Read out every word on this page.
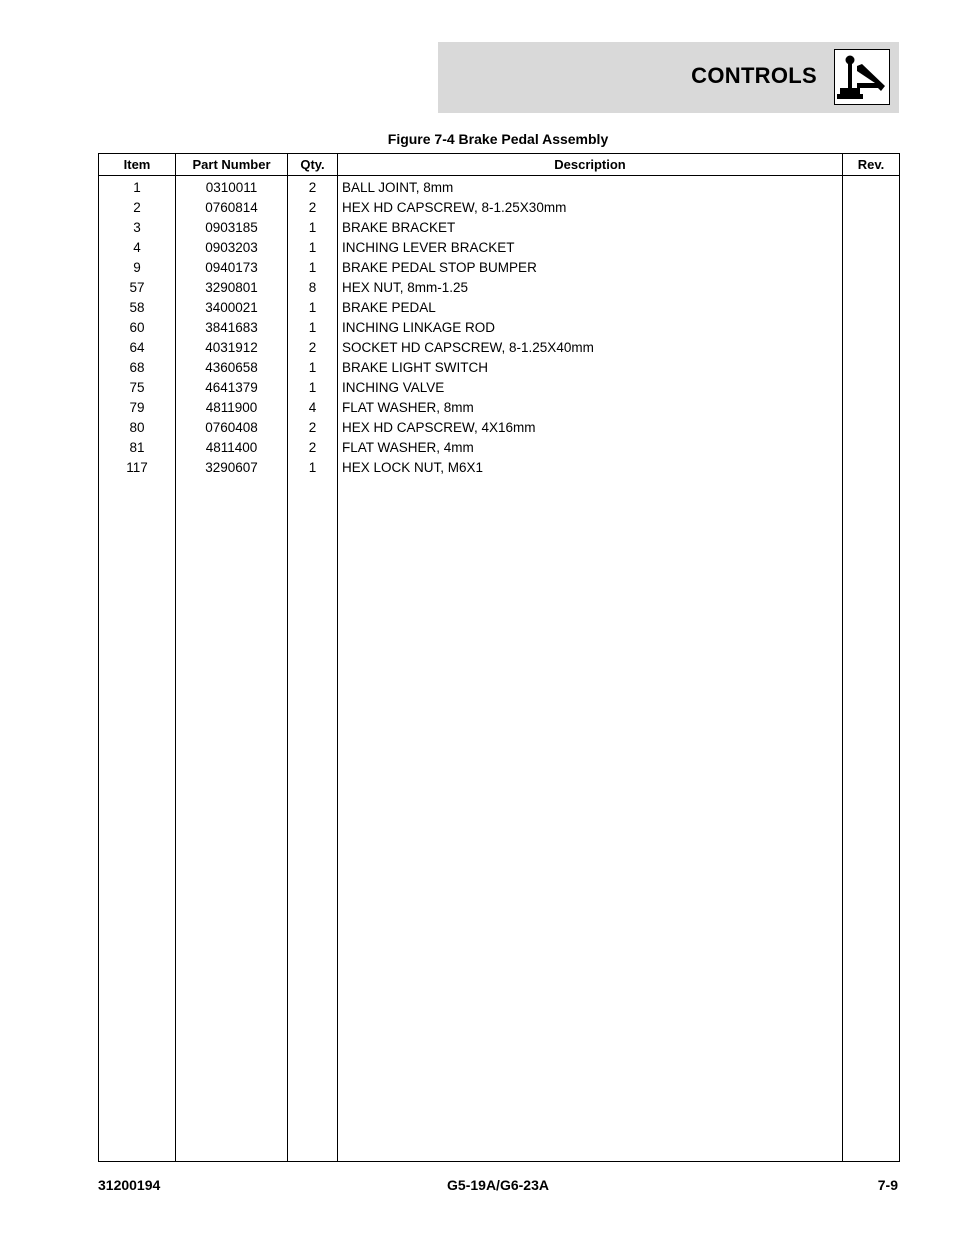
CONTROLS
Figure 7-4 Brake Pedal Assembly
Item	Part Number	Qty.	Description	Rev.
1	0310011	2	BALL JOINT, 8mm	
2	0760814	2	HEX HD CAPSCREW, 8-1.25X30mm	
3	0903185	1	BRAKE BRACKET	
4	0903203	1	INCHING LEVER BRACKET	
9	0940173	1	BRAKE PEDAL STOP BUMPER	
57	3290801	8	HEX NUT, 8mm-1.25	
58	3400021	1	BRAKE PEDAL	
60	3841683	1	INCHING LINKAGE ROD	
64	4031912	2	SOCKET HD CAPSCREW, 8-1.25X40mm	
68	4360658	1	BRAKE LIGHT SWITCH	
75	4641379	1	INCHING VALVE	
79	4811900	4	FLAT WASHER, 8mm	
80	0760408	2	HEX HD CAPSCREW, 4X16mm	
81	4811400	2	FLAT WASHER, 4mm	
117	3290607	1	HEX LOCK NUT, M6X1	

31200194	G5-19A/G6-23A	7-9
